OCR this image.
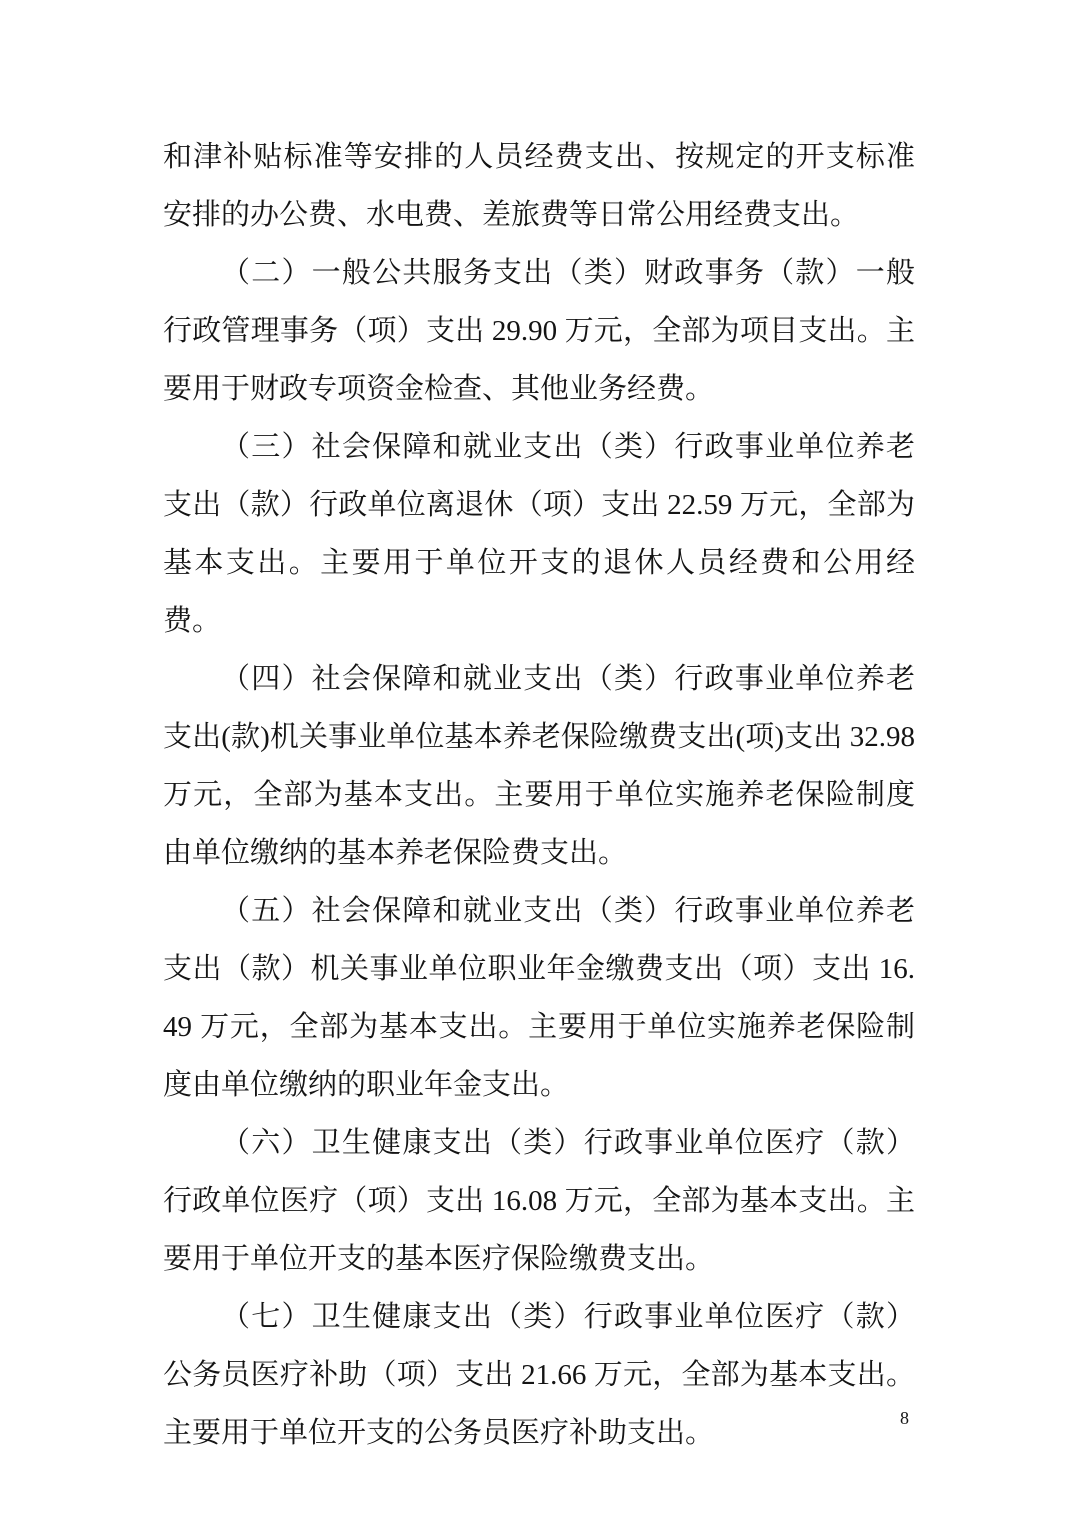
和津补贴标准等安排的人员经费支出、按规定的开支标准安排的办公费、水电费、差旅费等日常公用经费支出。

（二）一般公共服务支出（类）财政事务（款）一般行政管理事务（项）支出 29.90 万元，全部为项目支出。主要用于财政专项资金检查、其他业务经费。

（三）社会保障和就业支出（类）行政事业单位养老支出（款）行政单位离退休（项）支出 22.59 万元，全部为基本支出。主要用于单位开支的退休人员经费和公用经费。

（四）社会保障和就业支出（类）行政事业单位养老支出(款)机关事业单位基本养老保险缴费支出(项)支出 32.98 万元，全部为基本支出。主要用于单位实施养老保险制度由单位缴纳的基本养老保险费支出。

（五）社会保障和就业支出（类）行政事业单位养老支出（款）机关事业单位职业年金缴费支出（项）支出 16.49 万元，全部为基本支出。主要用于单位实施养老保险制度由单位缴纳的职业年金支出。

（六）卫生健康支出（类）行政事业单位医疗（款）行政单位医疗（项）支出 16.08 万元，全部为基本支出。主要用于单位开支的基本医疗保险缴费支出。

（七）卫生健康支出（类）行政事业单位医疗（款）公务员医疗补助（项）支出 21.66 万元，全部为基本支出。主要用于单位开支的公务员医疗补助支出。	8
